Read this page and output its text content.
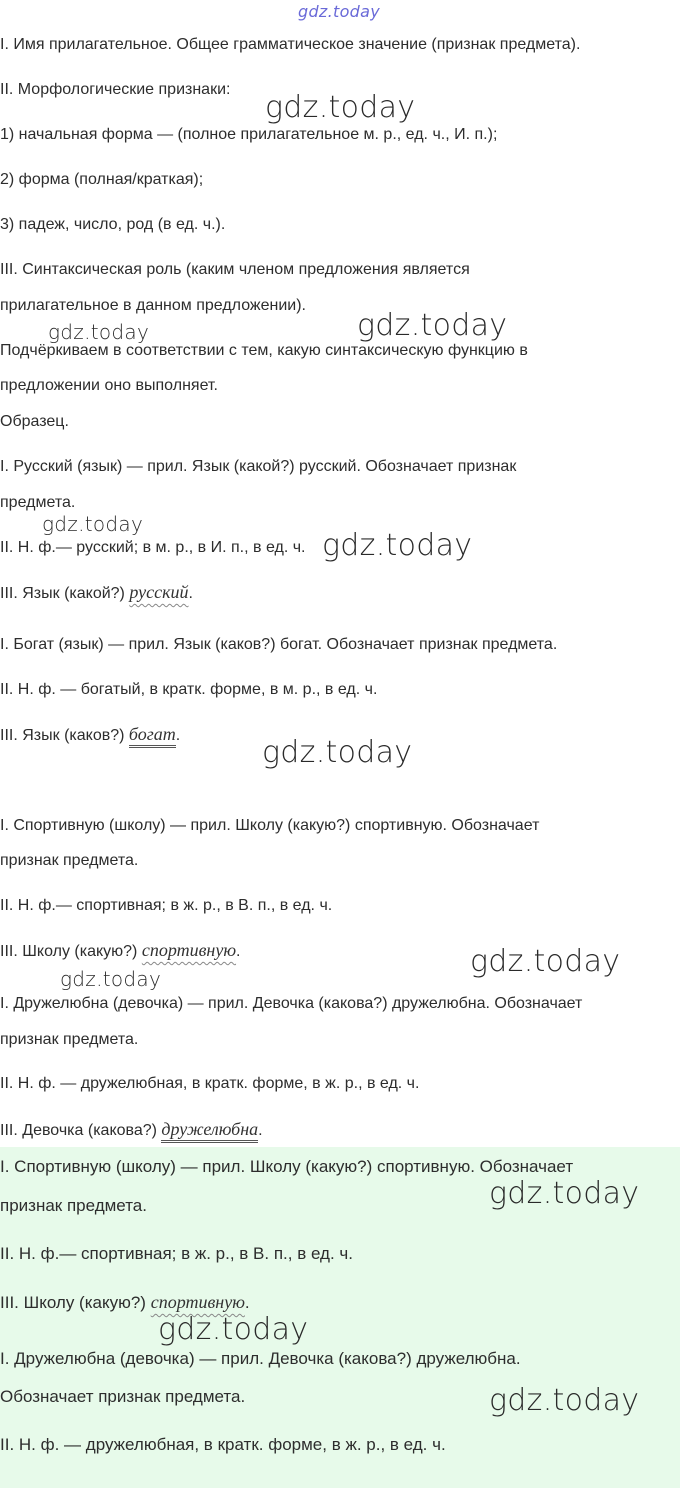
gdz.today
I. Имя прилагательное. Общее грамматическое значение (признак предмета).
II. Морфологические признаки:
1) начальная форма — (полное прилагательное м. р., ед. ч., И. п.);
2) форма (полная/краткая);
3) падеж, число, род (в ед. ч.).
III. Синтаксическая роль (каким членом предложения является
прилагательное в данном предложении).
Подчёркиваем в соответствии с тем, какую синтаксическую функцию в
предложении оно выполняет.
Образец.
I. Русский (язык) — прил. Язык (какой?) русский. Обозначает признак
предмета.
II. Н. ф.— русский; в м. р., в И. п., в ед. ч.
III. Язык (какой?) русский.
I. Богат (язык) — прил. Язык (каков?) богат. Обозначает признак предмета.
II. Н. ф. — богатый, в кратк. форме, в м. р., в ед. ч.
III. Язык (каков?) богат.
I. Спортивную (школу) — прил. Школу (какую?) спортивную. Обозначает
признак предмета.
II. Н. ф.— спортивная; в ж. р., в В. п., в ед. ч.
III. Школу (какую?) спортивную.
I. Дружелюбна (девочка) — прил. Девочка (какова?) дружелюбна. Обозначает
признак предмета.
II. Н. ф. — дружелюбная, в кратк. форме, в ж. р., в ед. ч.
III. Девочка (какова?) дружелюбна.
I. Спортивную (школу) — прил. Школу (какую?) спортивную. Обозначает
признак предмета.
II. Н. ф.— спортивная; в ж. р., в В. п., в ед. ч.
III. Школу (какую?) спортивную.
I. Дружелюбна (девочка) — прил. Девочка (какова?) дружелюбна.
Обозначает признак предмета.
II. Н. ф. — дружелюбная, в кратк. форме, в ж. р., в ед. ч.
gdz.today
gdz.today	gdz.today
gdz.today
gdz.today
gdz.today
gdz.today
gdz.today
gdz.today
gdz.today
gdz.today
